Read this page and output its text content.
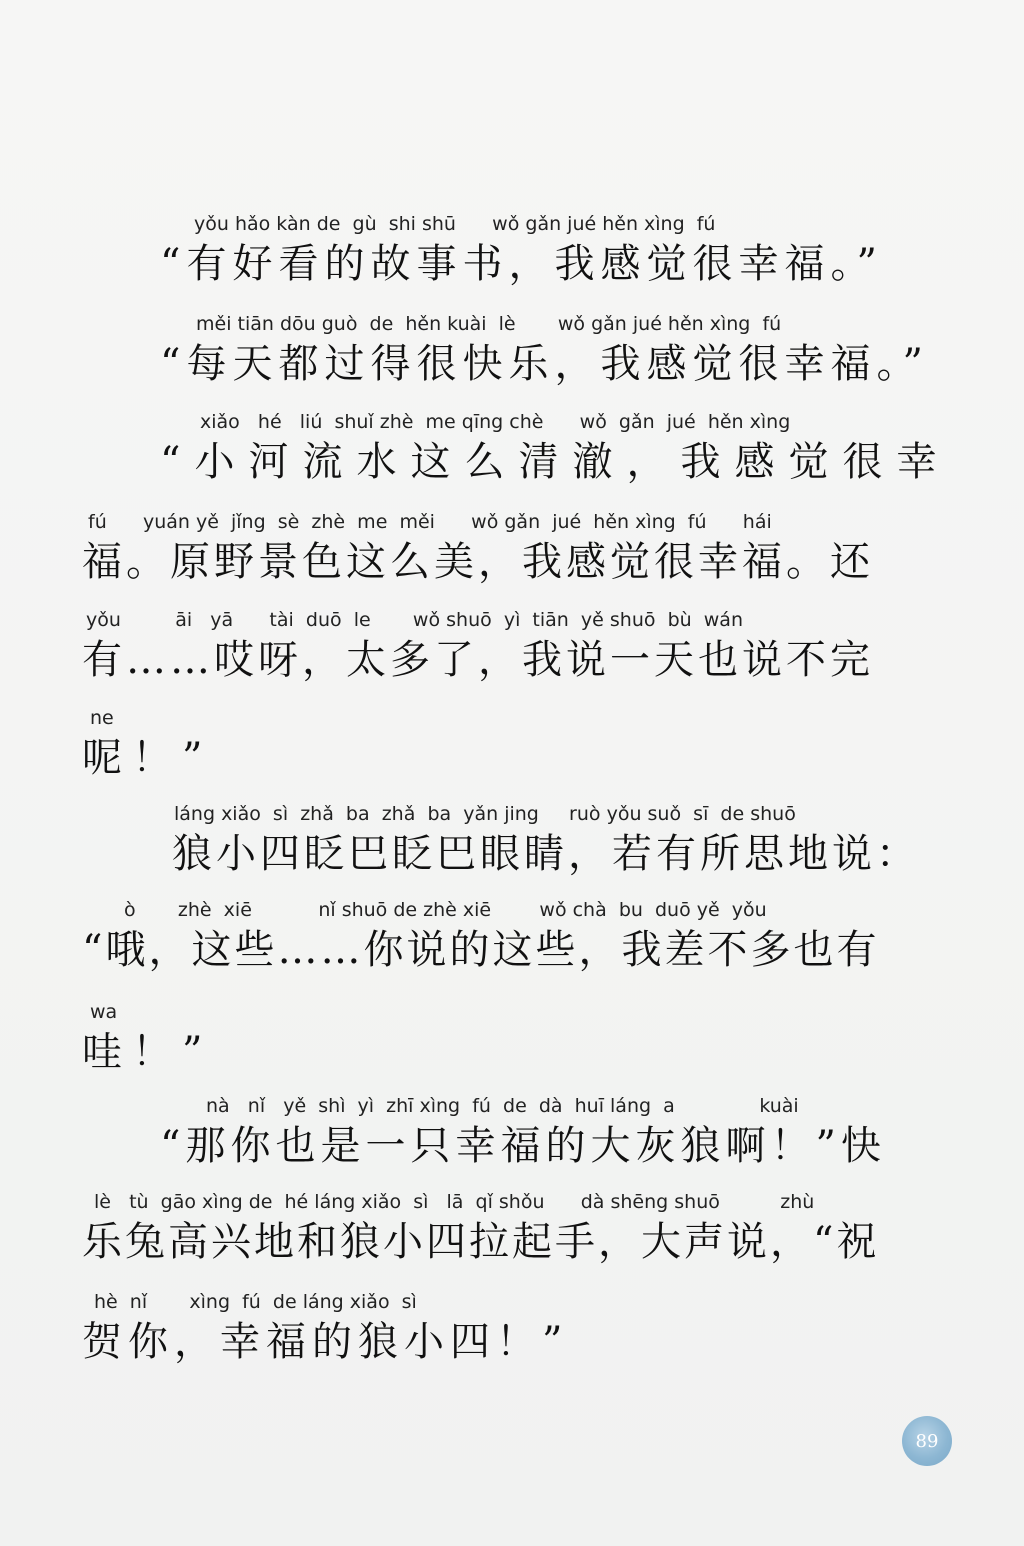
yǒu hǎo kàn de  gù  shi shū      wǒ gǎn jué hěn xìng  fú
“有好看的故事书，我感觉很幸福。”
měi tiān dōu guò  de  hěn kuài  lè       wǒ gǎn jué hěn xìng  fú
“每天都过得很快乐，我感觉很幸福。”
xiǎo   hé   liú  shuǐ zhè  me qīng chè      wǒ  gǎn  jué  hěn xìng
“小河流水这么清澈，我感觉很幸
fú      yuán yě  jǐng  sè  zhè  me  měi      wǒ gǎn  jué  hěn xìng  fú      hái
福。原野景色这么美，我感觉很幸福。还
yǒu         āi   yā      tài  duō  le       wǒ shuō  yì  tiān  yě shuō  bù  wán
有……哎呀，太多了，我说一天也说不完
ne
呢！”
láng xiǎo  sì  zhǎ  ba  zhǎ  ba  yǎn jing     ruò yǒu suǒ  sī  de shuō
狼小四眨巴眨巴眼睛，若有所思地说：
ò       zhè  xiē           nǐ shuō de zhè xiē        wǒ chà  bu  duō yě  yǒu
“哦，这些……你说的这些，我差不多也有
wa
哇！”
nà   nǐ   yě  shì  yì  zhī xìng  fú  de  dà  huī láng  a              kuài
“那你也是一只幸福的大灰狼啊！”快
lè   tù  gāo xìng de  hé láng xiǎo  sì   lā  qǐ shǒu      dà shēng shuō          zhù
乐兔高兴地和狼小四拉起手，大声说，“祝
hè  nǐ       xìng  fú  de láng xiǎo  sì
贺你，幸福的狼小四！”
89
